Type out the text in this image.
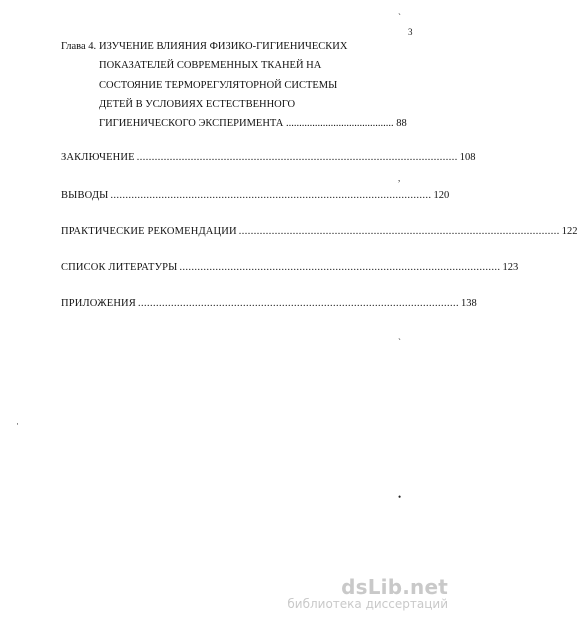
3
Глава 4. ИЗУЧЕНИЕ ВЛИЯНИЯ ФИЗИКО-ГИГИЕНИЧЕСКИХ
ПОКАЗАТЕЛЕЙ СОВРЕМЕННЫХ ТКАНЕЙ НА
СОСТОЯНИЕ ТЕРМОРЕГУЛЯТОРНОЙ СИСТЕМЫ
ДЕТЕЙ В УСЛОВИЯХ ЕСТЕСТВЕННОГО
ГИГИЕНИЧЕСКОГО ЭКСПЕРИМЕНТА ......................................... 88
ЗАКЛЮЧЕНИЕ ........................................................................................................... 108
ВЫВОДЫ ........................................................................................................... 120
ПРАКТИЧЕСКИЕ РЕКОМЕНДАЦИИ ........................................................................................................... 122
СПИСОК ЛИТЕРАТУРЫ ........................................................................................................... 123
ПРИЛОЖЕНИЯ ........................................................................................................... 138
`
,
`
·
•
dsLib.net
библиотека диссертаций
